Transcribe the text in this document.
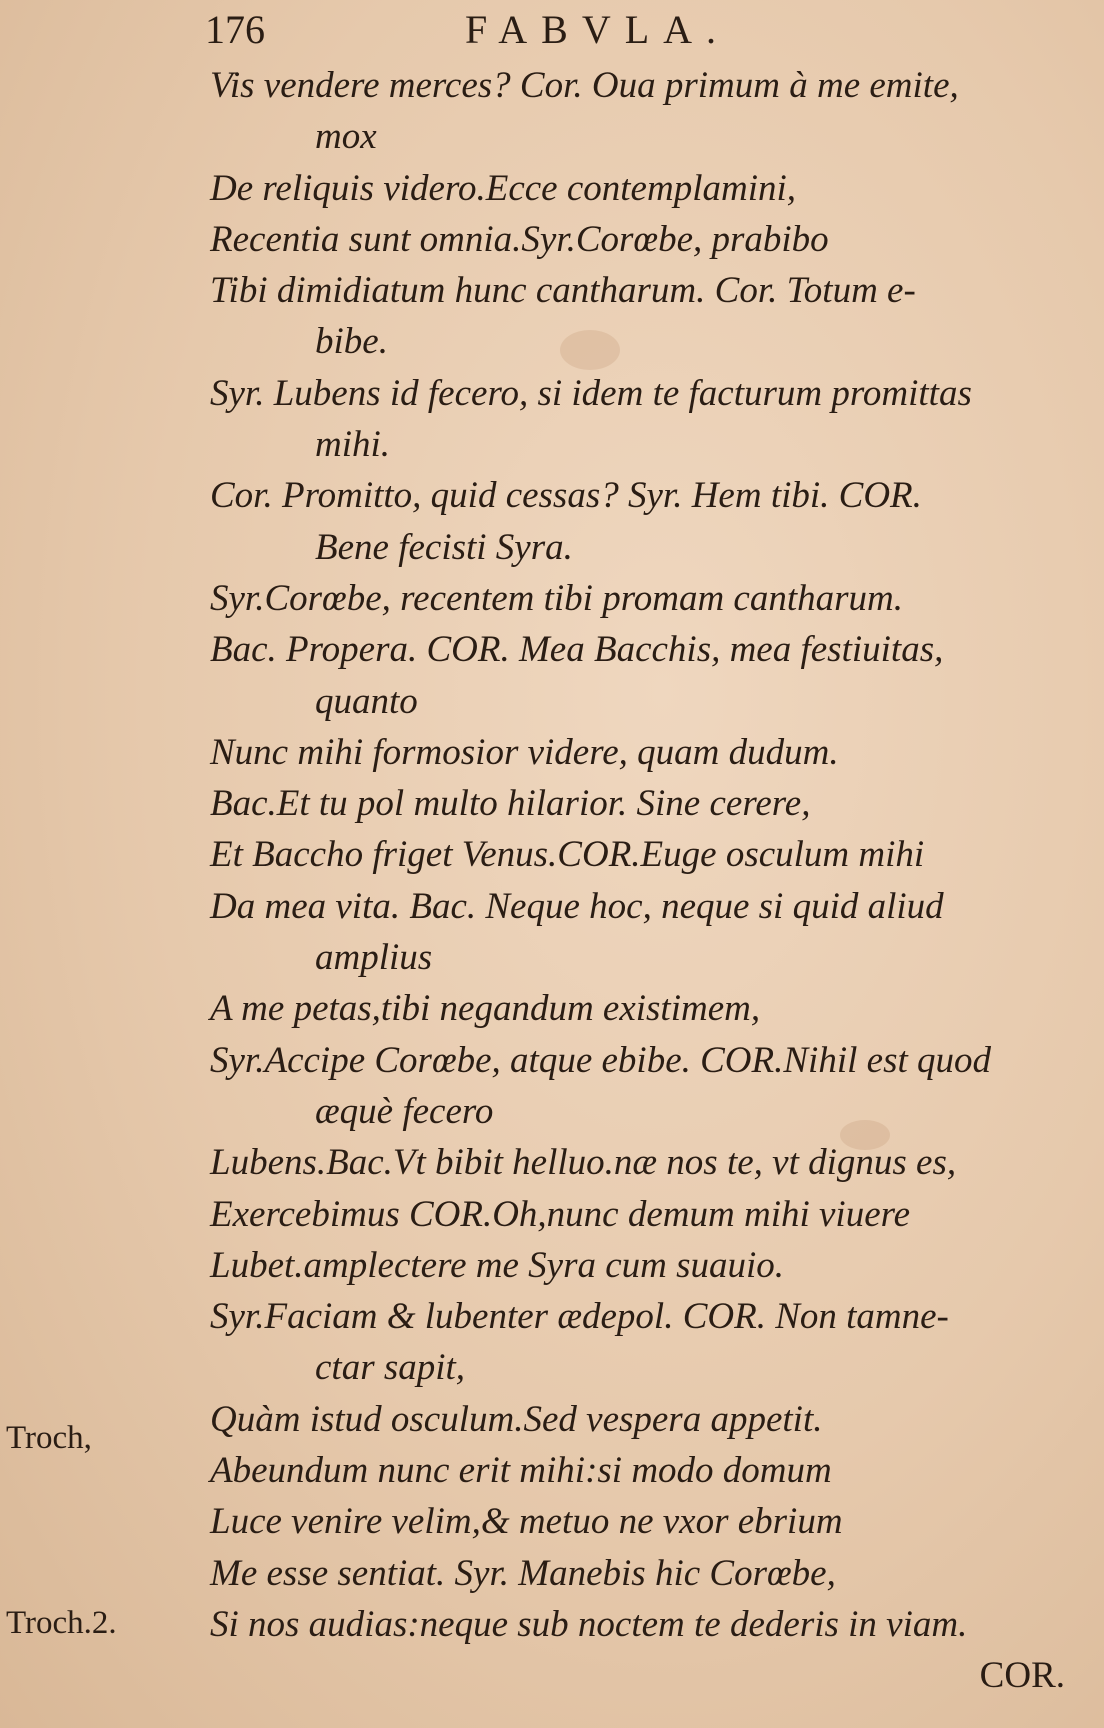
176	FABVLA.
Vis vendere merces? Cor. Oua primum à me emite,
mox
De reliquis videro.Ecce contemplamini,
Recentia sunt omnia.Syr.Corœbe, prabibo
Tibi dimidiatum hunc cantharum. Cor. Totum e-
bibe.
Syr. Lubens id fecero, si idem te facturum promittas
mihi.
Cor. Promitto, quid cessas? Syr. Hem tibi. COR.
Bene fecisti Syra.
Syr.Corœbe, recentem tibi promam cantharum.
Bac. Propera. COR. Mea Bacchis, mea festiuitas,
quanto
Nunc mihi formosior videre, quam dudum.
Bac.Et tu pol multo hilarior. Sine cerere,
Et Baccho friget Venus.COR.Euge osculum mihi
Da mea vita. Bac. Neque hoc, neque si quid aliud
amplius
A me petas,tibi negandum existimem,
Syr.Accipe Corœbe, atque ebibe. COR.Nihil est quod
æquè fecero
Lubens.Bac.Vt bibit helluo.næ nos te, vt dignus es,
Exercebimus COR.Oh,nunc demum mihi viuere
Lubet.amplectere me Syra cum suauio.
Syr.Faciam & lubenter ædepol. COR. Non tamne-
ctar sapit,
Quàm istud osculum.Sed vespera appetit.
Abeundum nunc erit mihi:si modo domum
Luce venire velim,& metuo ne vxor ebrium
Me esse sentiat. Syr. Manebis hic Corœbe,
Si nos audias:neque sub noctem te dederis in viam.
COR.
Troch,
Troch.2.
